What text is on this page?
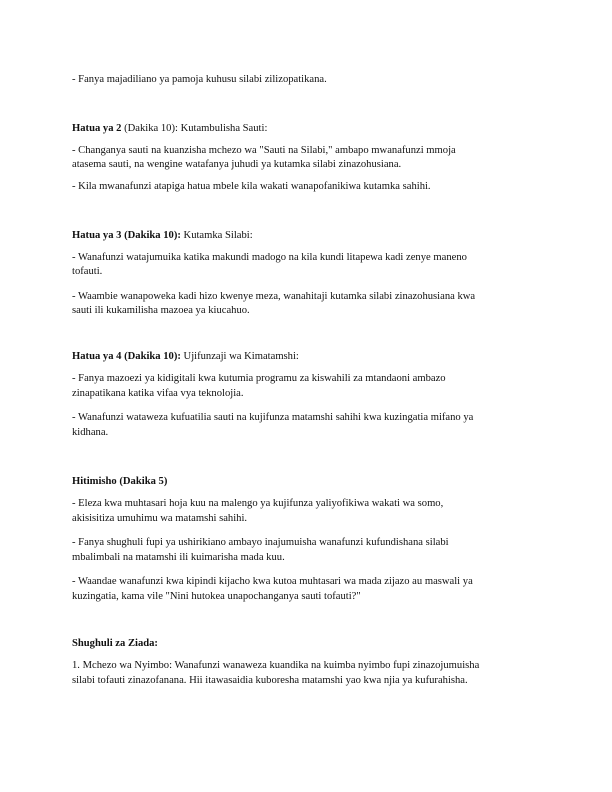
- Fanya majadiliano ya pamoja kuhusu silabi zilizopatikana.
Hatua ya 2 (Dakika 10): Kutambulisha Sauti:
- Changanya sauti na kuanzisha mchezo wa "Sauti na Silabi," ambapo mwanafunzi mmoja
atasema sauti, na wengine watafanya juhudi ya kutamka silabi zinazohusiana.
- Kila mwanafunzi atapiga hatua mbele kila wakati wanapofanikiwa kutamka sahihi.
Hatua ya 3 (Dakika 10): Kutamka Silabi:
- Wanafunzi watajumuika katika makundi madogo na kila kundi litapewa kadi zenye maneno
tofauti.
- Waambie wanapoweka kadi hizo kwenye meza, wanahitaji kutamka silabi zinazohusiana kwa
sauti ili kukamilisha mazoea ya kiucahuo.
Hatua ya 4 (Dakika 10): Ujifunzaji wa Kimatamshi:
- Fanya mazoezi ya kidigitali kwa kutumia programu za kiswahili za mtandaoni ambazo
zinapatikana katika vifaa vya teknolojia.
- Wanafunzi wataweza kufuatilia sauti na kujifunza matamshi sahihi kwa kuzingatia mifano ya
kidhana.
Hitimisho (Dakika 5)
- Eleza kwa muhtasari hoja kuu na malengo ya kujifunza yaliyofikiwa wakati wa somo,
akisisitiza umuhimu wa matamshi sahihi.
- Fanya shughuli fupi ya ushirikiano ambayo inajumuisha wanafunzi kufundishana silabi
mbalimbali na matamshi ili kuimarisha mada kuu.
- Waandae wanafunzi kwa kipindi kijacho kwa kutoa muhtasari wa mada zijazo au maswali ya
kuzingatia, kama vile "Nini hutokea unapochanganya sauti tofauti?"
Shughuli za Ziada:
1. Mchezo wa Nyimbo: Wanafunzi wanaweza kuandika na kuimba nyimbo fupi zinazojumuisha
silabi tofauti zinazofanana. Hii itawasaidia kuboresha matamshi yao kwa njia ya kufurahisha.
